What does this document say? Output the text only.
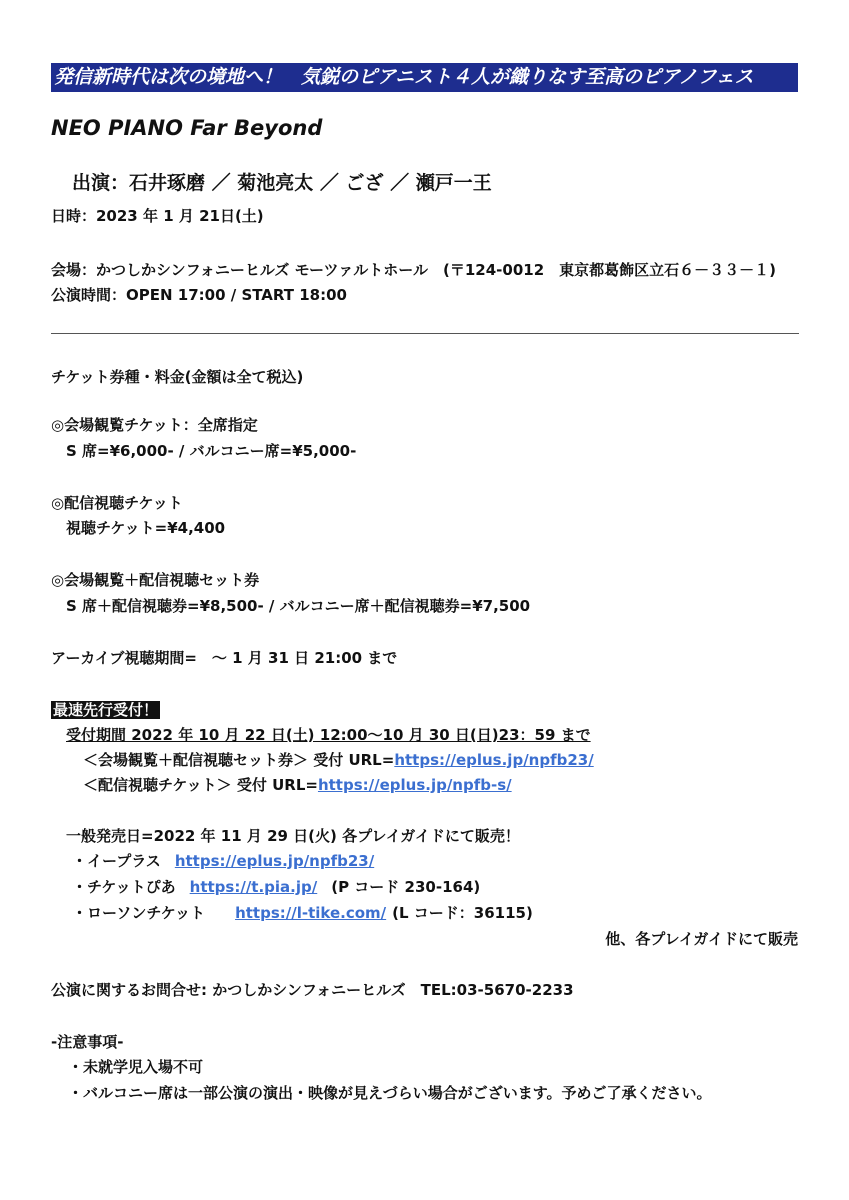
発信新時代は次の境地へ！　気鋭のピアニスト４人が織りなす至高のピアノフェス
NEO PIANO Far Beyond
出演：石井琢磨 ／ 菊池亮太 ／ ござ ／ 瀬戸一王
日時：2023 年 1 月 21日(土)
会場：かつしかシンフォニーヒルズ モーツァルトホール　(〒124-0012　東京都葛飾区立石６－３３－１)
公演時間：OPEN 17:00 / START 18:00
チケット券種・料金(金額は全て税込)
◎会場観覧チケット：全席指定
S 席=¥6,000- / バルコニー席=¥5,000-
◎配信視聴チケット
視聴チケット=¥4,400
◎会場観覧＋配信視聴セット券
S 席＋配信視聴券=¥8,500- / バルコニー席＋配信視聴券=¥7,500
アーカイブ視聴期間=　～ 1 月 31 日 21:00 まで
最速先行受付！
受付期間 2022 年 10 月 22 日(土) 12:00～10 月 30 日(日)23：59 まで
＜会場観覧＋配信視聴セット券＞ 受付 URL=https://eplus.jp/npfb23/
＜配信視聴チケット＞ 受付 URL=https://eplus.jp/npfb-s/
一般発売日=2022 年 11 月 29 日(火) 各プレイガイドにて販売！
・イープラス https://eplus.jp/npfb23/
・チケットぴあ https://t.pia.jp/ (P コード 230-164)
・ローソンチケット https://l-tike.com/ (L コード：36115)
他、各プレイガイドにて販売
公演に関するお問合せ: かつしかシンフォニーヒルズ　TEL:03-5670-2233
-注意事項-
・未就学児入場不可
・バルコニー席は一部公演の演出・映像が見えづらい場合がございます。予めご了承ください。
